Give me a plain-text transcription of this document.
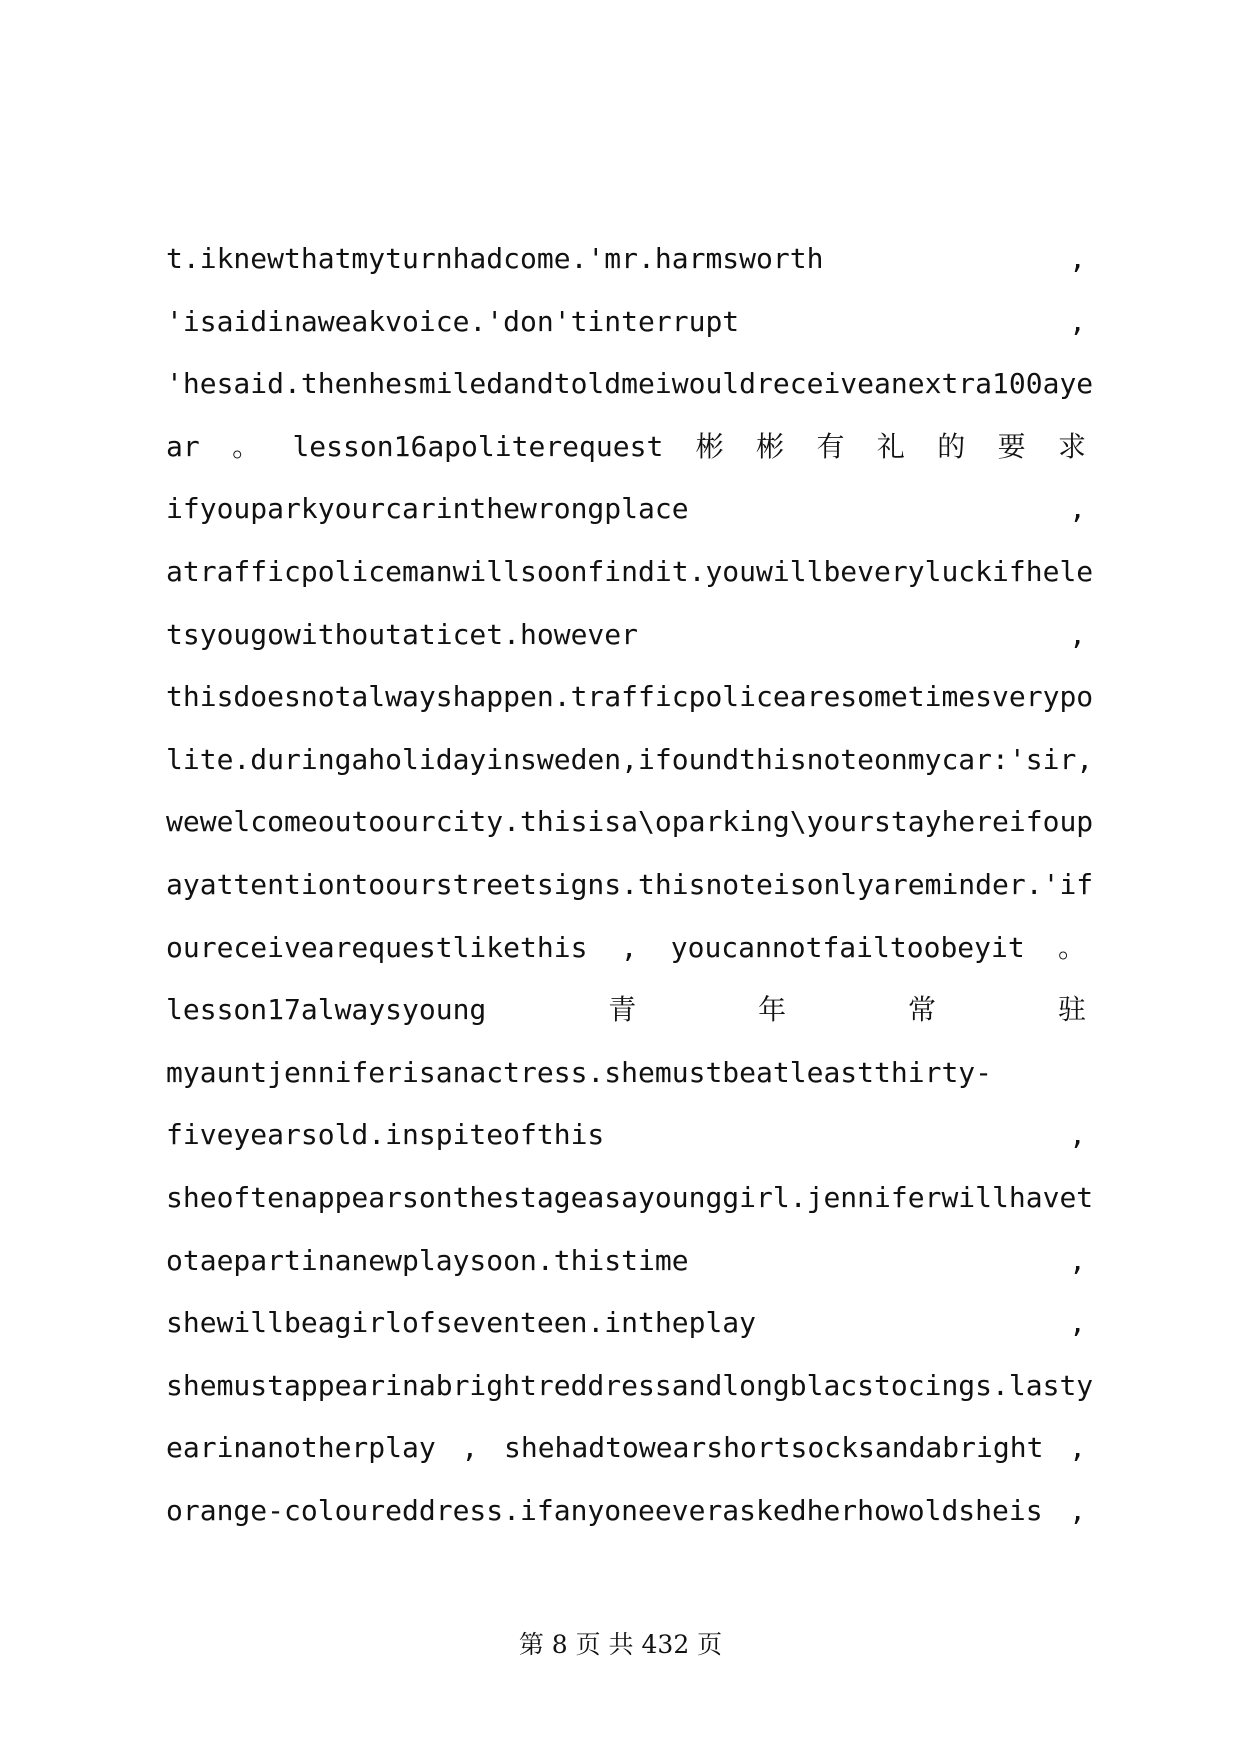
t.iknewthatmyturnhadcome.'mr.harmsworth	,
'isaidinaweakvoice.'don'tinterrupt	,
'hesaid.thenhesmiledandtoldmeiwouldreceiveanextra100aye
ar 。 lesson16apoliterequest 彬 彬 有 礼 的 要 求
ifyouparkyourcarinthewrongplace	,
atrafficpolicemanwillsoonfindit.youwillbeveryluckifhele
tsyougowithoutaticet.however	,
thisdoesnotalwayshappen.trafficpolicearesometimesverypo
lite.duringaholidayinsweden,ifoundthisnoteonmycar:'sir,
wewelcomeoutoourcity.thisisa\oparking\yourstayhereifoup
ayattentiontoourstreetsigns.thisnoteisonlyareminder.'if
oureceivearequestlikethis , youcannotfailtoobeyit 。
lesson17alwaysyoung	青	年	常	驻
myauntjenniferisanactress.shemustbeatleastthirty-
fiveyearsold.inspiteofthis	,
sheoftenappearsonthestageasayounggirl.jenniferwillhavet
otaepartinanewplaysoon.thistime	,
shewillbeagirlofseventeen.intheplay	,
shemustappearinabrightreddressandlongblacstocings.lasty
earinanotherplay , shehadtowearshortsocksandabright ,
orange-coloureddress.ifanyoneeveraskedherhowoldsheis ,
第 8 页 共 432 页
